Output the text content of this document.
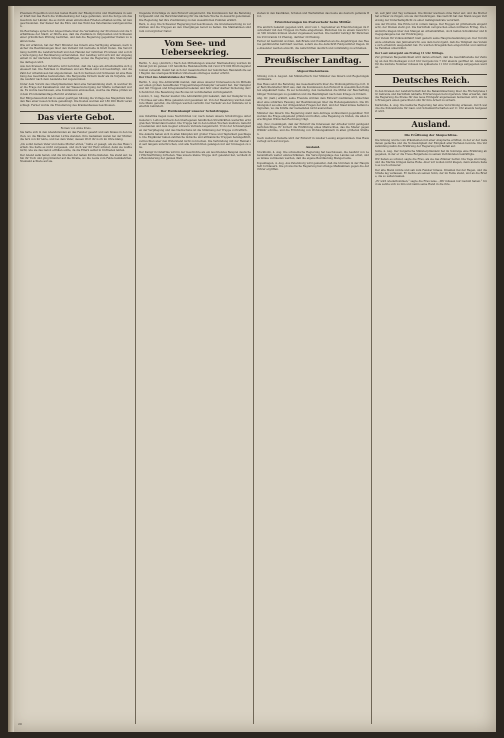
Preußens Expedition und den festen Besitz der Rheinprovinz und Westfalens in seiner Kraft hat das Reich die Vollbedeutung der Lage gefunden, und die Sorge um das Geschick der Länder, die es durch einen ehrenvollen Frieden erhalten wollte, ist nun geschwunden. Der Kaiser hat die Ehre und das Wohl des Vaterlandes wahrgenommen.

Im Reichstage sprach der Abgeordnete über die Verwaltung der Provinzen und die Verhältnisse der Stadt; er führte aus, daß die Zustände in Ostpreußen und Schlesien einer gründlichen Prüfung bedürfen, und daß die Regierung gegenüber Italien zu wahren habe.

Wie wir erfahren, hat der Herr Minister des Innern eine Verfügung erlassen, nach welcher die Bestimmungen über den Verkehr mit Getreide in Kraft treten. Die Verordnung betrifft die Landwirtschaft und den Handel der östlichen Provinzen und soll die Versorgung der Bevölkerung sicherstellen. Der Landtag wird sich mit der Angelegenheit in der nächsten Sitzung beschäftigen, wobei die Regierung ihre Stellungnahme darlegen wird.

Aus den Kreisen der Industrie wird berichtet, daß die Lage am Arbeitsmarkte sich gebessert hat. Die Fabriken in Westfalen und am Rhein sind voll beschäftigt, und die Zahl der Arbeitslosen hat abgenommen. Auch in Sachsen und Schlesien ist eine Belebung des Geschäftes festzustellen. Die Bergwerke fördern mehr als im Vorjahre, und die Ausfuhr nach dem Auslande hat zugenommen.

Unter dem Vorsitz des Oberpräsidenten fand eine Versammlung statt, in welcher über die Frage der Kanalisation und der Wasserversorgung der Städte verhandelt wurde. Es wurde beschlossen, eine Kommission einzusetzen, welche die Pläne prüfen und dem Provinziallandtage Bericht erstatten soll.

Der Bürgerausschuß hat in seiner gestrigen Sitzung die Vorlage des Magistrats über den Bau einer neuen Schule genehmigt. Die Kosten werden auf 180 000 Mark veranschlagt. Ferner wurde die Erweiterung des Krankenhauses beschlossen.

Das vierte Gebot.
Roman von Anna Kreis.

Sie hatte sich in den Abendstunden an das Fenster gesetzt und sah hinaus in den Garten, wo die Bäume im letzten Lichte standen. Ihre Gedanken waren bei der Mutter, die fern von ihr lebte, und bei dem Vater, dessen Wort ihr noch im Ohre klang.

„Du sollst deinen Vater und deine Mutter ehren,“ hatte er gesagt, als sie das Haus verließ. Sie hatte es nicht vergessen, und doch war ihr Herz schwer, denn sie wußte nicht, wie sie das Gebot erfüllen sollte, da die Eltern selbst in Unfrieden lebten.

Der Abend sank herab, und die Glocken der nahen Kirche läuteten. Sie stand auf, nahm ihr Tuch und ging hinunter auf die Straße, wo die Leute vom Felde heimkehrten. Niemand achtete auf sie.

tragende Vorschläge zu dem Entwurf eingebracht. Die Kommission hat die Beratung fortgesetzt und die Berichterstattung für die nächste Woche in Aussicht genommen. Die Regierung hat ihre Zustimmung zu den wesentlichen Punkten erklärt.

Bern, 4. Aug. Die Schweizer Regierung hat beschlossen, die Grenzbewachung zu verstärken und die Truppen an den Übergängen bereit zu halten. Die Maßnahmen sind rein vorsorglicher Natur.

Vom See- und Ueberseekrieg.

Berlin, 5. Aug. (Amtlich.) Nach den Mitteilungen unserer Marineleitung wurden im Monat Juli im ganzen 118 feindliche Handelsschiffe mit rund 270 000 Bruttoregistertonnen versenkt. Damit hat sich der Gesamtverlust der feindlichen Handelsflotte seit Beginn des uneingeschränkten Unterseebootkrieges weiter erhöht.

Der Chef des Admiralstabes der Marine.

Berlin, 5. Aug. Die Admiralität meldet, daß eines unserer Unterseeboote im Mittelmeer einen großen bewaffneten Truppentransportdampfer versenkt hat. Der Dampfer war mit Truppen und Kriegsmaterial beladen und fuhr unter starker Sicherung durch Zerstörer. Die Besatzung des Bootes ist wohlbehalten zurückgekehrt.

London, 5. Aug. Reuter meldet: Die Admiralität gibt bekannt, daß der Dampfer in der Nordsee auf eine Mine gelaufen und gesunken ist. Von der Besatzung wurden mehrere Mann gerettet, die übrigen werden vermißt. Der Verkehr an der Ostküste ist weiterhin behindert.

Der Heldenkampf unserer Schutztruppe.

Aus Ostafrika liegen neue Nachrichten vor, nach denen unsere Schutztruppe unter General v. Lettow-Vorbeck den überlegenen feindlichen Streitkräften weiterhin erfolgreichen Widerstand leistet. Die Truppe hat in den letzten Wochen mehrere Gefechte bestanden und dem Gegner schwere Verluste beigebracht. Trotz der Schwierigkeiten der Verpflegung und des Nachschubs ist die Stimmung der Truppe vortrefflich.

Die Askaris haben sich in allen Kämpfen mit großer Treue und Tapferkeit geschlagen. Die Engländer haben zahlreiche indische und afrikanische Truppen herangeführt, vermochten aber den Widerstand nicht zu brechen. Die Verbindung mit der Heimat ist seit langem unterbrochen, und alle Nachrichten gelangen nur auf Umwegen zu uns.

Der Kampf in Ostafrika wird in der Geschichte als ein leuchtendes Beispiel deutscher Pflichterfüllung fortleben. Was unsere kleine Truppe dort geleistet hat, verdient die Bewunderung der ganzen Welt.

stehen in den Kaufläden, Schulen und Werkstätten das heute als deutsch geltende Brot.

Erleichterungen im Postverkehr beim Militär.

Wie amtlich bekannt gegeben wird, sind vom 1. September an Erleichterungen im Postverkehr mit den Truppen im Felde eingetreten. Päckchen bis zu einem Gewicht von 500 Gramm können wieder zugelassen werden. Die Gebühr beträgt für Päckchen bis 250 Gramm 10 Pfennig, darüber 20 Pfennig.

Ferner ist bestimmt worden, daß Briefe und Postkarten an die Angehörigen des Heeres gebührenfrei befördert werden, sofern sie die Aufschrift Feldpostbrief tragen. Die Absender werden ersucht, die Aufschriften deutlich und vollständig zu schreiben.

Preußischer Landtag.
Abgeordnetenhaus.

Sitzung vom 4. August. Am Ministertisch: Der Minister des Innern und Regierungskommissare.

Das Haus setzt die Beratung des Gesetzentwurfs über die Wohnungsfürsorge fort. Der Berichterstatter führt aus, daß die Kommission den Entwurf in wesentlichen Punkten abgeändert habe. Es sei notwendig, den Gemeinden die Mittel zur Beschaffung billiger Wohnungen zu gewähren und die Bautätigkeit nach dem Kriege zu fördern.

Abg. Dr. (natl.) erklärt, seine Freunde würden dem Entwurf zustimmen, wünschten aber eine schärfere Fassung der Bestimmungen über die Bodenspekulation. Die Wohnungsnot sei eine der dringendsten Fragen der Zeit, und der Staat müsse helfend eingreifen, wo die Kräfte der Gemeinden nicht ausreichen.

Minister des Innern: Die Regierung steht dem Antrage wohlwollend gegenüber. Wir werden die Frage eingehend prüfen und hoffen, eine Regelung zu finden, die allen berechtigten Wünschen Rechnung trägt.

Abg. (Soz.) bemängelt, daß der Entwurf die Interessen der Arbeiter nicht genügend berücksichtige. Er fordert die Einführung eines Mietrechtes, das die Mieter gegen Willkür schütze, und die Errichtung von Wohnungsämtern in allen größeren Städten.

Nach weiterer Debatte wird der Entwurf in zweiter Lesung angenommen. Das Haus vertagt sich auf morgen.

Ausland.

Stockholm, 4. Aug. Die schwedische Regierung hat beschlossen, die Ausfuhr von Lebensmitteln weiter einzuschränken. Die Versorgungslage des Landes sei ernst, und es müsse vermieden werden, daß die eigene Bevölkerung Mangel leide.

Kopenhagen, 4. Aug. Aus Petersburg wird gemeldet, daß die Unruhen in der Hauptstadt fortdauern. Die provisorische Regierung hat strenge Maßnahmen gegen die Aufrührer ergriffen.

ist, seit Jahr und Tag verlassen. Die Kinder wachsen ohne Vater auf, und die Mutter hat schwer zu ringen, um sie durchzubringen. Das Gericht hat den Mann wegen Verletzung der Unterhaltspflicht zu einer Gefängnisstrafe verurteilt.

Aus der Provinz. Die Ernte ist in vollem Gange. Der Roggen ist größtenteils eingebracht, der Weizen steht gut. Die Kartoffeln versprechen einen mittleren Ertrag. Die Landwirte klagen über den Mangel an Arbeitskräften, doch helfen Schulkinder und Kriegsgefangene bei der Einbringung.

Der Verein für Volkswohlfahrt hielt gestern seine Hauptversammlung ab. Der Vorsitzende erstattete den Jahresbericht, aus dem hervorgeht, daß die Tätigkeit des Vereins sich erheblich ausgedehnt hat. Es wurden Kriegsküchen eingerichtet und zahlreiche Familien unterstützt.

Der Laut untergeht am Freitag 11 Uhr Mittags.

Zur größeren Bequemlichkeit wird daran erinnert, daß die Geschäftsstelle der Zeitung an den Wochentagen von 8 Uhr morgens bis 7 Uhr abends geöffnet ist. Anzeigen für die nächste Nummer müssen bis spätestens 11 Uhr vormittags aufgegeben werden.

Deutsches Reich.

In den Kreisen der Landwirtschaft hat die Bekanntmachung über die Höchstpreise für Getreide und Kartoffeln lebhafte Erörterungen hervorgerufen. Man erwartet, daß die Regierung die Preise für das neue Erntejahr angemessen festsetzen wird, um den Erzeugern einen gerechten Lohn für ihre Arbeit zu sichern.

Karlsruhe, 4. Aug. Die badische Regierung hat eine Verordnung erlassen, durch welche die Polizeistunde für Gast- und Schankwirtschaften auf 11 Uhr abends festgesetzt wird.

Ausland.
Die Eröffnung der Skupschtina.

Die Sitzung wurde vom Präsidenten mit einer Ansprache eröffnet, in der er der Gefallenen gedachte und die Notwendigkeit der Einigkeit aller Parteien betonte. Die Versammlung nahm die Erklärung der Regierung mit Beifall auf.

Sofia, 4. Aug. Der bulgarische Ministerpräsident hat im Sobranje eine Erklärung abgegeben, in der er die Treue Bulgariens zu seinen Verbündeten bekräftigte.

Wir haben es schwer, sagte die Frau, als sie das Zimmer betrat. Die Tage sind lang, und die Nächte bringen keine Ruhe. Aber wir wollen nicht klagen, denn andere haben es noch schwerer.

Der alte Mann nickte und sah zum Fenster hinaus. Draußen fiel der Regen, und die Straße lag verlassen. Er dachte an seinen Sohn, der im Felde stand, und an die Briefe, die so selten kamen.

„Er wird wiederkommen,“ sagte die Frau leise. „Wir müssen nur Geduld haben.“ Und sie setzte sich zu ihm und nahm seine Hand in die ihre.

20
